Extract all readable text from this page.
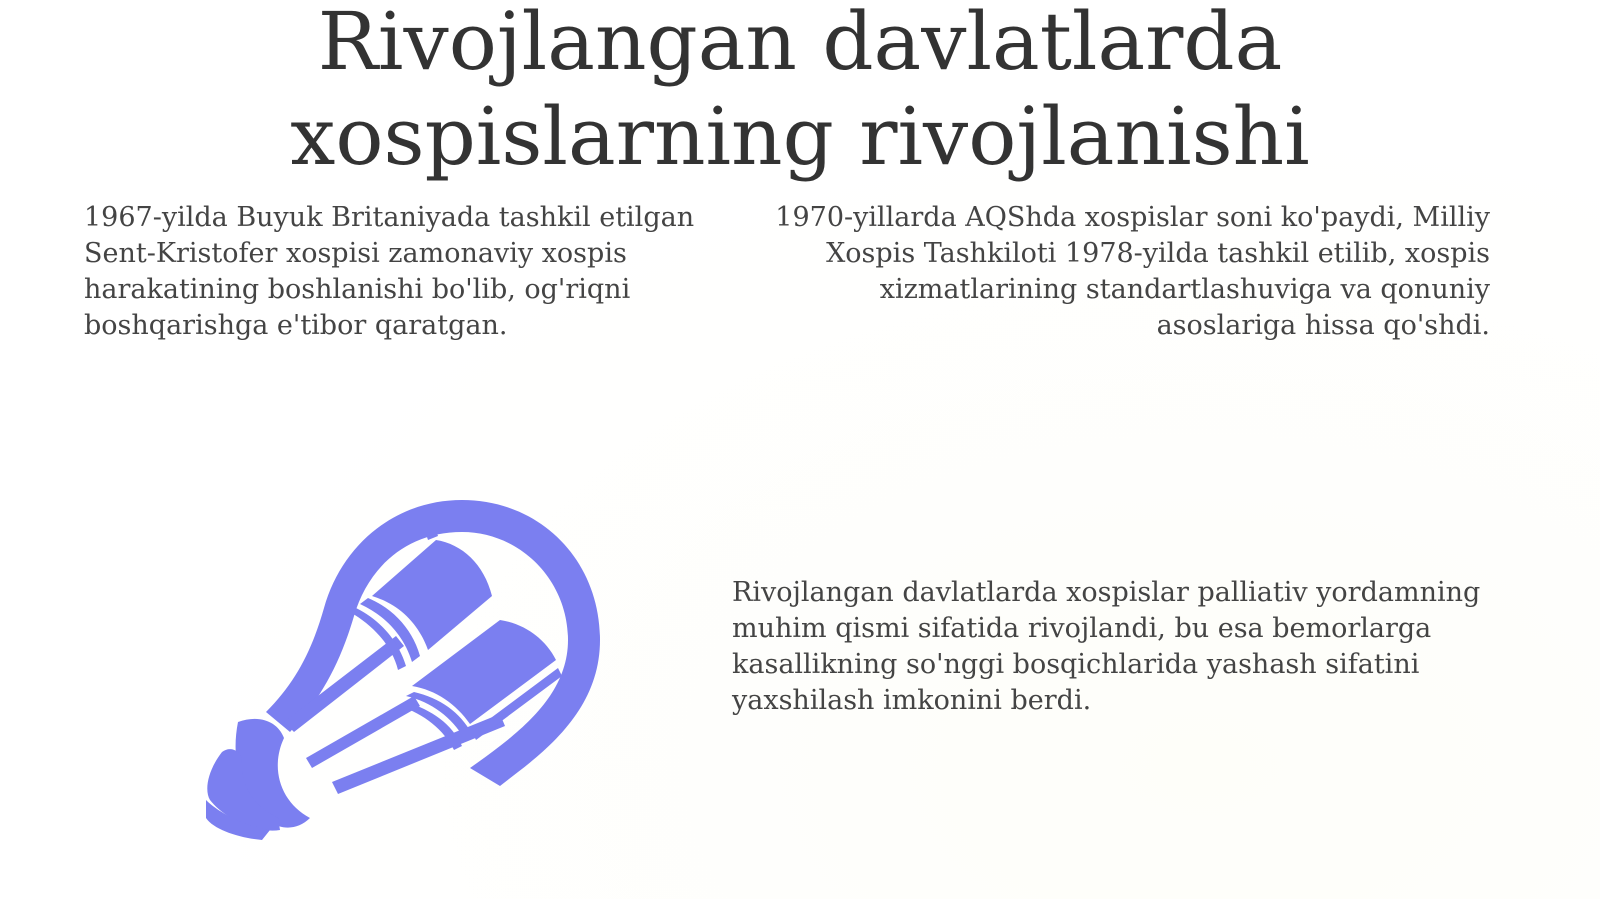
Rivojlangan davlatlarda
xospislarning rivojlanishi

1967-yilda Buyuk Britaniyada tashkil etilgan Sent-Kristofer xospisi zamonaviy xospis harakatining boshlanishi bo'lib, og'riqni boshqarishga e'tibor qaratgan.

1970-yillarda AQShda xospislar soni ko'paydi, Milliy Xospis Tashkiloti 1978-yilda tashkil etilib, xospis xizmatlarining standartlashuviga va qonuniy asoslariga hissa qo'shdi.

Rivojlangan davlatlarda xospislar palliativ yordamning muhim qismi sifatida rivojlandi, bu esa bemorlarga kasallikning so'nggi bosqichlarida yashash sifatini yaxshilash imkonini berdi.
